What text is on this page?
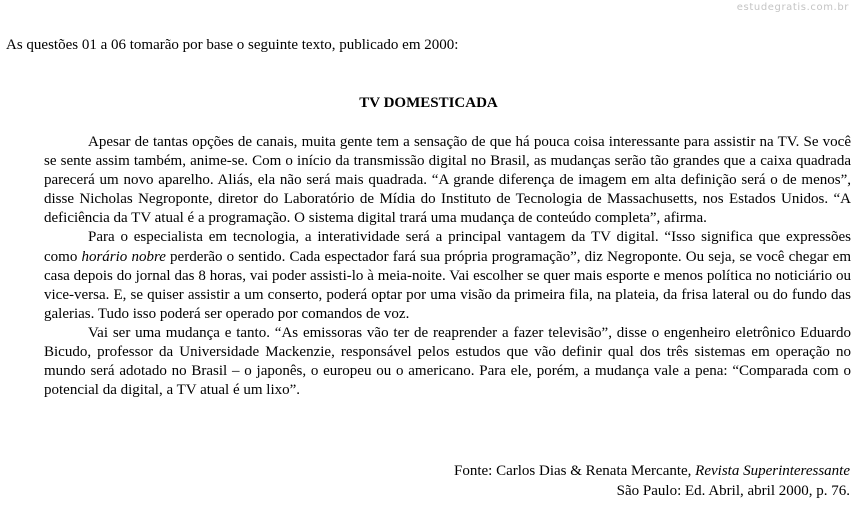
estudegratis.com.br
As questões 01 a 06 tomarão por base o seguinte texto, publicado em 2000:
TV DOMESTICADA

Apesar de tantas opções de canais, muita gente tem a sensação de que há pouca coisa interessante para assistir na TV. Se você se sente assim também, anime-se. Com o início da transmissão digital no Brasil, as mudanças serão tão grandes que a caixa quadrada parecerá um novo aparelho. Aliás, ela não será mais quadrada. “A grande diferença de imagem em alta definição será o de menos”, disse Nicholas Negroponte, diretor do Laboratório de Mídia do Instituto de Tecnologia de Massachusetts, nos Estados Unidos. “A deficiência da TV atual é a programação. O sistema digital trará uma mudança de conteúdo completa”, afirma.

Para o especialista em tecnologia, a interatividade será a principal vantagem da TV digital. “Isso significa que expressões como horário nobre perderão o sentido. Cada espectador fará sua própria programação”, diz Negroponte. Ou seja, se você chegar em casa depois do jornal das 8 horas, vai poder assisti-lo à meia-noite. Vai escolher se quer mais esporte e menos política no noticiário ou vice-versa. E, se quiser assistir a um conserto, poderá optar por uma visão da primeira fila, na plateia, da frisa lateral ou do fundo das galerias. Tudo isso poderá ser operado por comandos de voz.

Vai ser uma mudança e tanto. “As emissoras vão ter de reaprender a fazer televisão”, disse o engenheiro eletrônico Eduardo Bicudo, professor da Universidade Mackenzie, responsável pelos estudos que vão definir qual dos três sistemas em operação no mundo será adotado no Brasil – o japonês, o europeu ou o americano. Para ele, porém, a mudança vale a pena: “Comparada com o potencial da digital, a TV atual é um lixo”.

Fonte: Carlos Dias & Renata Mercante, Revista Superinteressante
São Paulo: Ed. Abril, abril 2000, p. 76.
